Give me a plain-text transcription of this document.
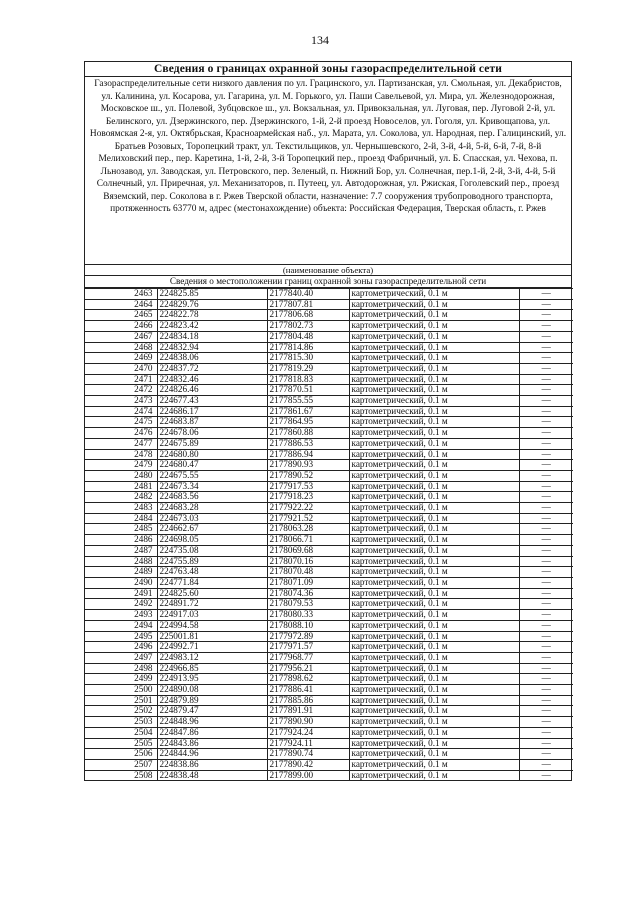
134
Сведения о границах охранной зоны газораспределительной сети
Газораспределительные сети низкого давления по ул. Грацинского, ул. Партизанская, ул. Смольная, ул. Декабристов, ул. Калинина, ул. Косарова, ул. Гагарина, ул. М. Горького, ул. Паши Савельевой, ул. Мира, ул. Железнодорожная, Московское ш., ул. Полевой, Зубцовское ш., ул. Вокзальная, ул. Привокзальная, ул. Луговая, пер. Луговой 2-й, ул. Белинского, ул. Дзержинского, пер. Дзержинского, 1-й, 2-й проезд Новоселов, ул. Гоголя, ул. Кривощапова, ул. Новоямская 2-я, ул. Октябрьская, Красноармейская наб., ул. Марата, ул. Соколова, ул. Народная, пер. Галицинский, ул. Братьев Розовых, Торопецкий тракт, ул. Текстильщиков, ул. Чернышевского, 2-й, 3-й, 4-й, 5-й, 6-й, 7-й, 8-й Мелиховский пер., пер. Каретина, 1-й, 2-й, 3-й Торопецкий пер., проезд Фабричный, ул. Б. Спасская, ул. Чехова, п. Льнозавод, ул. Заводская, ул. Петровского, пер. Зеленый, п. Нижний Бор, ул. Солнечная, пер.1-й, 2-й, 3-й, 4-й, 5-й Солнечный, ул. Приречная, ул. Механизаторов, п. Путеец, ул. Автодорожная, ул. Ржиская, Гоголевский пер., проезд Вяземский, пер. Соколова в г. Ржев Тверской области, назначение: 7.7 сооружения трубопроводного транспорта, протяженность 63770 м, адрес (местонахождение) объекта: Российская Федерация, Тверская область, г. Ржев
(наименование объекта)
Сведения о местоположении границ охранной зоны газораспределительной сети
2463	224825.85	2177840.40	картометрический, 0.1 м	—
2464	224829.76	2177807.81	картометрический, 0.1 м	—
2465	224822.78	2177806.68	картометрический, 0.1 м	—
2466	224823.42	2177802.73	картометрический, 0.1 м	—
2467	224834.18	2177804.48	картометрический, 0.1 м	—
2468	224832.94	2177814.86	картометрический, 0.1 м	—
2469	224838.06	2177815.30	картометрический, 0.1 м	—
2470	224837.72	2177819.29	картометрический, 0.1 м	—
2471	224832.46	2177818.83	картометрический, 0.1 м	—
2472	224826.46	2177870.51	картометрический, 0.1 м	—
2473	224677.43	2177855.55	картометрический, 0.1 м	—
2474	224686.17	2177861.67	картометрический, 0.1 м	—
2475	224683.87	2177864.95	картометрический, 0.1 м	—
2476	224678.06	2177860.88	картометрический, 0.1 м	—
2477	224675.89	2177886.53	картометрический, 0.1 м	—
2478	224680.80	2177886.94	картометрический, 0.1 м	—
2479	224680.47	2177890.93	картометрический, 0.1 м	—
2480	224675.55	2177890.52	картометрический, 0.1 м	—
2481	224673.34	2177917.53	картометрический, 0.1 м	—
2482	224683.56	2177918.23	картометрический, 0.1 м	—
2483	224683.28	2177922.22	картометрический, 0.1 м	—
2484	224673.03	2177921.52	картометрический, 0.1 м	—
2485	224662.67	2178063.28	картометрический, 0.1 м	—
2486	224698.05	2178066.71	картометрический, 0.1 м	—
2487	224735.08	2178069.68	картометрический, 0.1 м	—
2488	224755.89	2178070.16	картометрический, 0.1 м	—
2489	224763.48	2178070.48	картометрический, 0.1 м	—
2490	224771.84	2178071.09	картометрический, 0.1 м	—
2491	224825.60	2178074.36	картометрический, 0.1 м	—
2492	224891.72	2178079.53	картометрический, 0.1 м	—
2493	224917.03	2178080.33	картометрический, 0.1 м	—
2494	224994.58	2178088.10	картометрический, 0.1 м	—
2495	225001.81	2177972.89	картометрический, 0.1 м	—
2496	224992.71	2177971.57	картометрический, 0.1 м	—
2497	224983.12	2177968.77	картометрический, 0.1 м	—
2498	224966.85	2177956.21	картометрический, 0.1 м	—
2499	224913.95	2177898.62	картометрический, 0.1 м	—
2500	224890.08	2177886.41	картометрический, 0.1 м	—
2501	224879.89	2177885.86	картометрический, 0.1 м	—
2502	224879.47	2177891.91	картометрический, 0.1 м	—
2503	224848.96	2177890.90	картометрический, 0.1 м	—
2504	224847.86	2177924.24	картометрический, 0.1 м	—
2505	224843.86	2177924.11	картометрический, 0.1 м	—
2506	224844.96	2177890.74	картометрический, 0.1 м	—
2507	224838.86	2177890.42	картометрический, 0.1 м	—
2508	224838.48	2177899.00	картометрический, 0.1 м	—
